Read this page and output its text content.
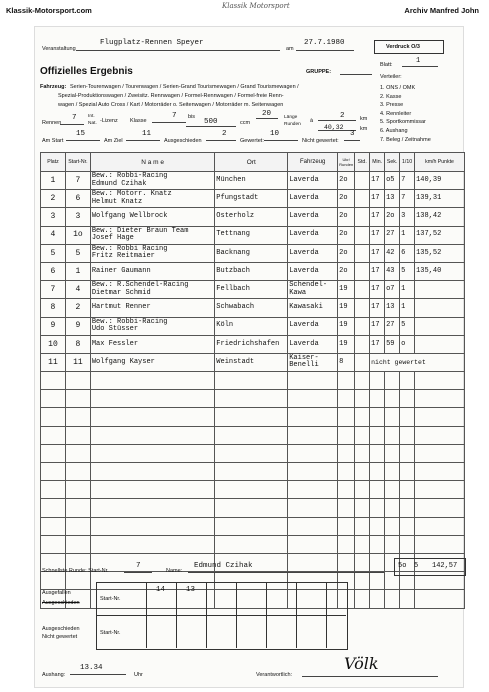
Klassik-Motorsport.com	Klassik Motorsport	Archiv Manfred John
Veranstaltung
Flugplatz-Rennen Speyer
am
27.7.1980	Verdruck O/3
Offizielles Ergebnis	GRUPPE:
Blatt:	1
Fahrzeug: Serien-Tourenwagen / Tourenwagen / Serien-Grand Tourismewagen / Grand Tourismewagen /
Spezial-Produktionswagen / Zweisitz. Rennwagen / Formel-Rennwagen / Formel-freie Renn-
wagen / Spezial Auto Cross / Kart / Motorräder o. Seitenwagen / Motorräder m. Seitenwagen
Verteiler:
1. ONS / OMK
2. Kasse
3. Presse
4. Rennleiter
5. Sportkommissar
6. Aushang
7. Beleg / Zeitnahme
Rennen
7 Int.
Nat. -Lizenz Klasse
7 bis
500	ccm
20	Länge
Runden
à
2	km
40,32	km
Am Start
15
Am Ziel
11
Ausgeschieden
2
Gewertet:
10
Nicht gewertet:
3
Platz	Start-Nr.	N a m e	Ort	Fahrzeug	Ukr/ Runden	Std.	Min.	Sek.	1/10	km/h Punkte
1	7	Bew.: Robbi-Racing
Edmund Czihak	München	Laverda	2o		17	o5	7	140,39
2	6	Bew.: Motorr. Knatz
Helmut Knatz	Pfungstadt	Laverda	2o		17	13	7	139,31
3	3	Wolfgang Wellbrock	Osterholz	Laverda	2o		17	2o	3	138,42
4	1o	Bew.: Dieter Braun Team
Josef Hage	Tettnang	Laverda	2o		17	27	1	137,52
5	5	Bew.: Robbi Racing
Fritz Reitmaier	Backnang	Laverda	2o		17	42	6	135,52
6	1	Rainer Gaumann	Butzbach	Laverda	2o		17	43	5	135,40
7	4	Bew.: R.Schendel-Racing
Dietmar Schmid	Fellbach	Schendel- Kawa	19		17	o7	1	
8	2	Hartmut Renner	Schwabach	Kawasaki	19		17	13	1	
9	9	Bew.: Robbi-Racing
Udo Stüsser	Köln	Laverda	19		17	27	5	
10	8	Max Fessler	Friedrichshafen	Laverda	19		17	59	o	
11	11	Wolfgang Kayser	Weinstadt	Kaiser- Benelli	8		nicht gewertet			

Schnellste Runde: Start-Nr.
7
Name:
Edmund Czihak	5o 5 142,57
Ausgefallen
Ausgeschieden
Start-Nr.
14	13
Ausgeschieden
Nicht gewertet
Start-Nr.
Aushang:
13.34
Uhr	Verantwortlich:
Völk
